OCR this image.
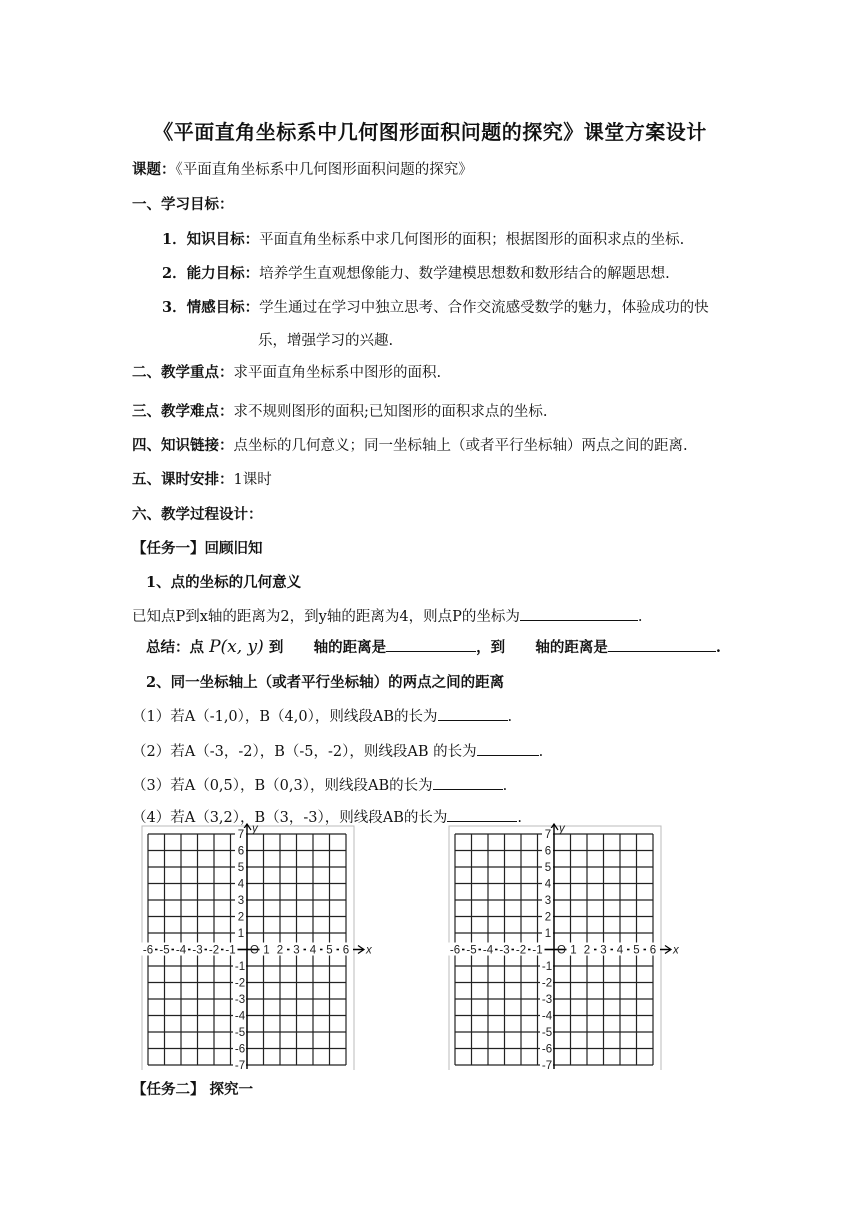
《平面直角坐标系中几何图形面积问题的探究》课堂方案设计
课题：《平面直角坐标系中几何图形面积问题的探究》
一、学习目标：
1．知识目标：平面直角坐标系中求几何图形的面积；根据图形的面积求点的坐标.
2．能力目标：培养学生直观想像能力、数学建模思想数和数形结合的解题思想.
3．情感目标：学生通过在学习中独立思考、合作交流感受数学的魅力，体验成功的快
乐，增强学习的兴趣.
二、教学重点：求平面直角坐标系中图形的面积.
三、教学难点：求不规则图形的面积;已知图形的面积求点的坐标.
四、知识链接：点坐标的几何意义；同一坐标轴上（或者平行坐标轴）两点之间的距离.
五、课时安排：1课时
六、教学过程设计：
【任务一】回顾旧知
1、点的坐标的几何意义
已知点P到x轴的距离为2，到y轴的距离为4，则点P的坐标为	.
总结：点 P(x, y) 到      轴的距离是	，到      轴的距离是	.
2、同一坐标轴上（或者平行坐标轴）的两点之间的距离
（1）若A（-1,0），B（4,0），则线段AB的长为	.
（2）若A（-3，-2），B（-5，-2），则线段AB 的长为	.
（3）若A（0,5），B（0,3），则线段AB的长为	.
（4）若A（3,2），B（3，-3），则线段AB的长为	.
x
y
O
-6 -5 -4 -3 -2 -1 1 2 3 4 5 6
7
6
5
4
3
2
1
-1
-2
-3
-4
-5
-6
-7
x
y
O
-6 -5 -4 -3 -2 -1 1 2 3 4 5 6
7
6
5
4
3
2
1
-1
-2
-3
-4
-5
-6
-7
【任务二】 探究一
